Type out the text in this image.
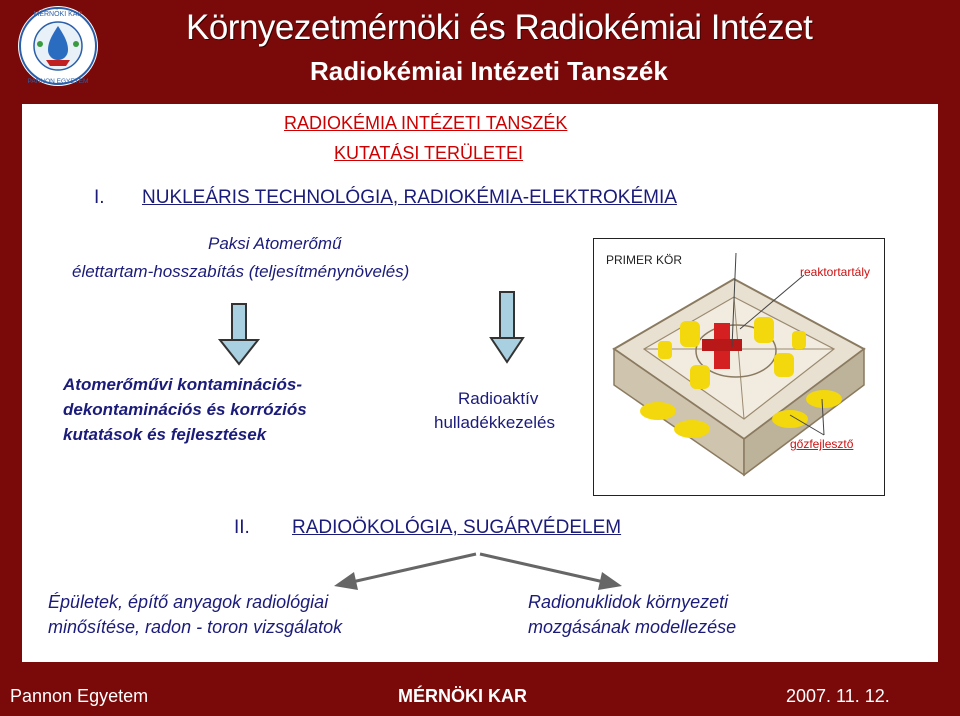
MÉRNÖKI KAR
PANNON EGYETEM
Környezetmérnöki és Radiokémiai Intézet
Radiokémiai Intézeti Tanszék
RADIOKÉMIA INTÉZETI TANSZÉK
KUTATÁSI TERÜLETEI
I. NUKLEÁRIS TECHNOLÓGIA, RADIOKÉMIA-ELEKTROKÉMIA
Paksi Atomerőmű
élettartam-hosszabítás (teljesítménynövelés)
Atomerőművi kontaminációs-
dekontaminációs és korróziós
kutatások és fejlesztések
Radioaktív
hulladékkezelés
PRIMER KÖR
reaktortartály
gőzfejlesztő
II. RADIOÖKOLÓGIA, SUGÁRVÉDELEM
Épületek, építő anyagok radiológiai
minősítése, radon - toron vizsgálatok
Radionuklidok környezeti
mozgásának modellezése
Pannon Egyetem	MÉRNÖKI KAR	2007. 11. 12.
